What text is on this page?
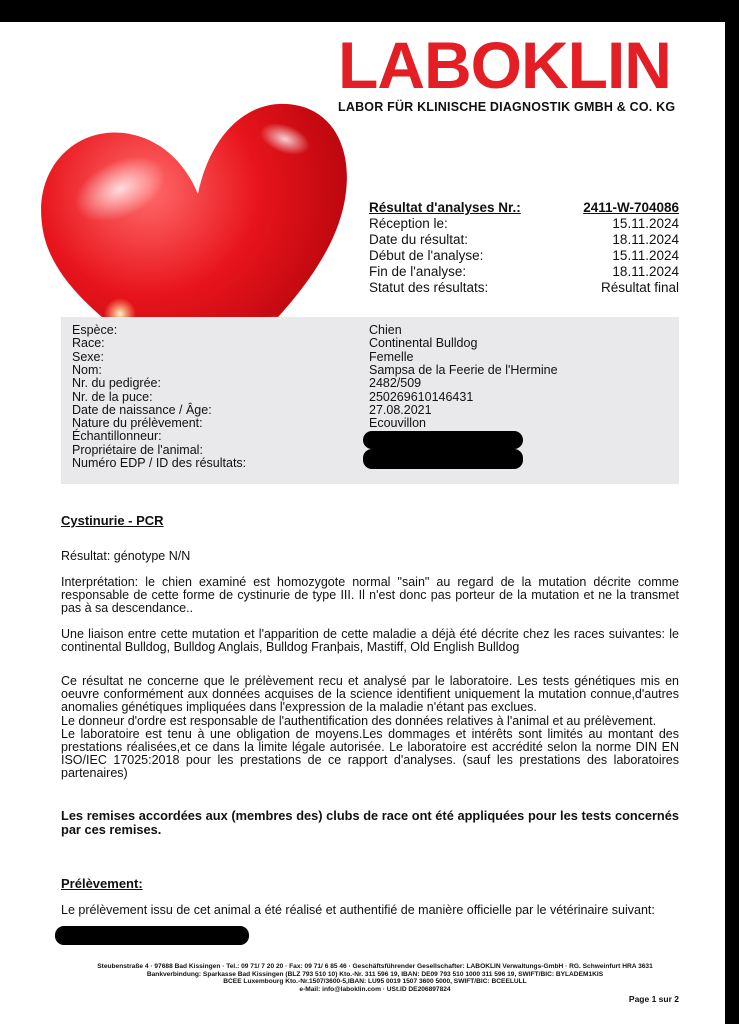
LABOKLIN
LABOR FÜR KLINISCHE DIAGNOSTIK GMBH & CO. KG
Résultat d'analyses Nr.:	2411-W-704086
Réception le:	15.11.2024
Date du résultat:	18.11.2024
Début de l'analyse:	15.11.2024
Fin de l'analyse:	18.11.2024
Statut des résultats:	Résultat final
Espèce:	Chien
Race:	Continental Bulldog
Sexe:	Femelle
Nom:	Sampsa de la Feerie de l'Hermine
Nr. du pedigrée:	2482/509
Nr. de la puce:	250269610146431
Date de naissance / Âge:	27.08.2021
Nature du prélèvement:	Ecouvillon
Échantillonneur:
Propriétaire de l'animal:
Numéro EDP / ID des résultats:
Cystinurie - PCR
Résultat: génotype N/N
Interprétation: le chien examiné est homozygote normal "sain" au regard de la mutation décrite comme responsable de cette forme de cystinurie de type III. Il n'est donc pas porteur de la mutation et ne la transmet pas à sa descendance..
Une liaison entre cette mutation et l'apparition de cette maladie a déjà été décrite chez les races suivantes: le continental Bulldog, Bulldog Anglais, Bulldog Franþais, Mastiff, Old English Bulldog
Ce résultat ne concerne que le prélèvement recu et analysé par le laboratoire. Les tests génétiques mis en oeuvre conformément aux données acquises de la science identifient uniquement la mutation connue,d'autres anomalies génétiques impliquées dans l'expression de la maladie n'étant pas exclues.
Le donneur d'ordre est responsable de l'authentification des données relatives à l'animal et au prélèvement.
Le laboratoire est tenu à une obligation de moyens.Les dommages et intérêts sont limités au montant des prestations réalisées,et ce dans la limite légale autorisée. Le laboratoire est accrédité selon la norme DIN EN ISO/IEC 17025:2018 pour les prestations de ce rapport d'analyses. (sauf les prestations des laboratoires partenaires)
Les remises accordées aux (membres des) clubs de race ont été appliquées pour les tests concernés par ces remises.
Prélèvement:
Le prélèvement issu de cet animal a été réalisé et authentifié de manière officielle par le vétérinaire suivant:
Steubenstraße 4 · 97688 Bad Kissingen · Tel.: 09 71/ 7 20 20 · Fax: 09 71/ 6 85 46 · Geschäftsführender Gesellschafter: LABOKLIN Verwaltungs-GmbH · RG. Schweinfurt HRA 3631
Bankverbindung: Sparkasse Bad Kissingen (BLZ 793 510 10) Kto.-Nr. 311 596 19, IBAN: DE09 793 510 1000 311 596 19, SWIFT/BIC: BYLADEM1KIS
BCEE Luxembourg Kto.-Nr.1507/3600-5,IBAN: LU95 0019 1507 3600 5000, SWIFT/BIC: BCEELULL
e-Mail: info@laboklin.com · USt.ID DE206897824
Page 1 sur 2
